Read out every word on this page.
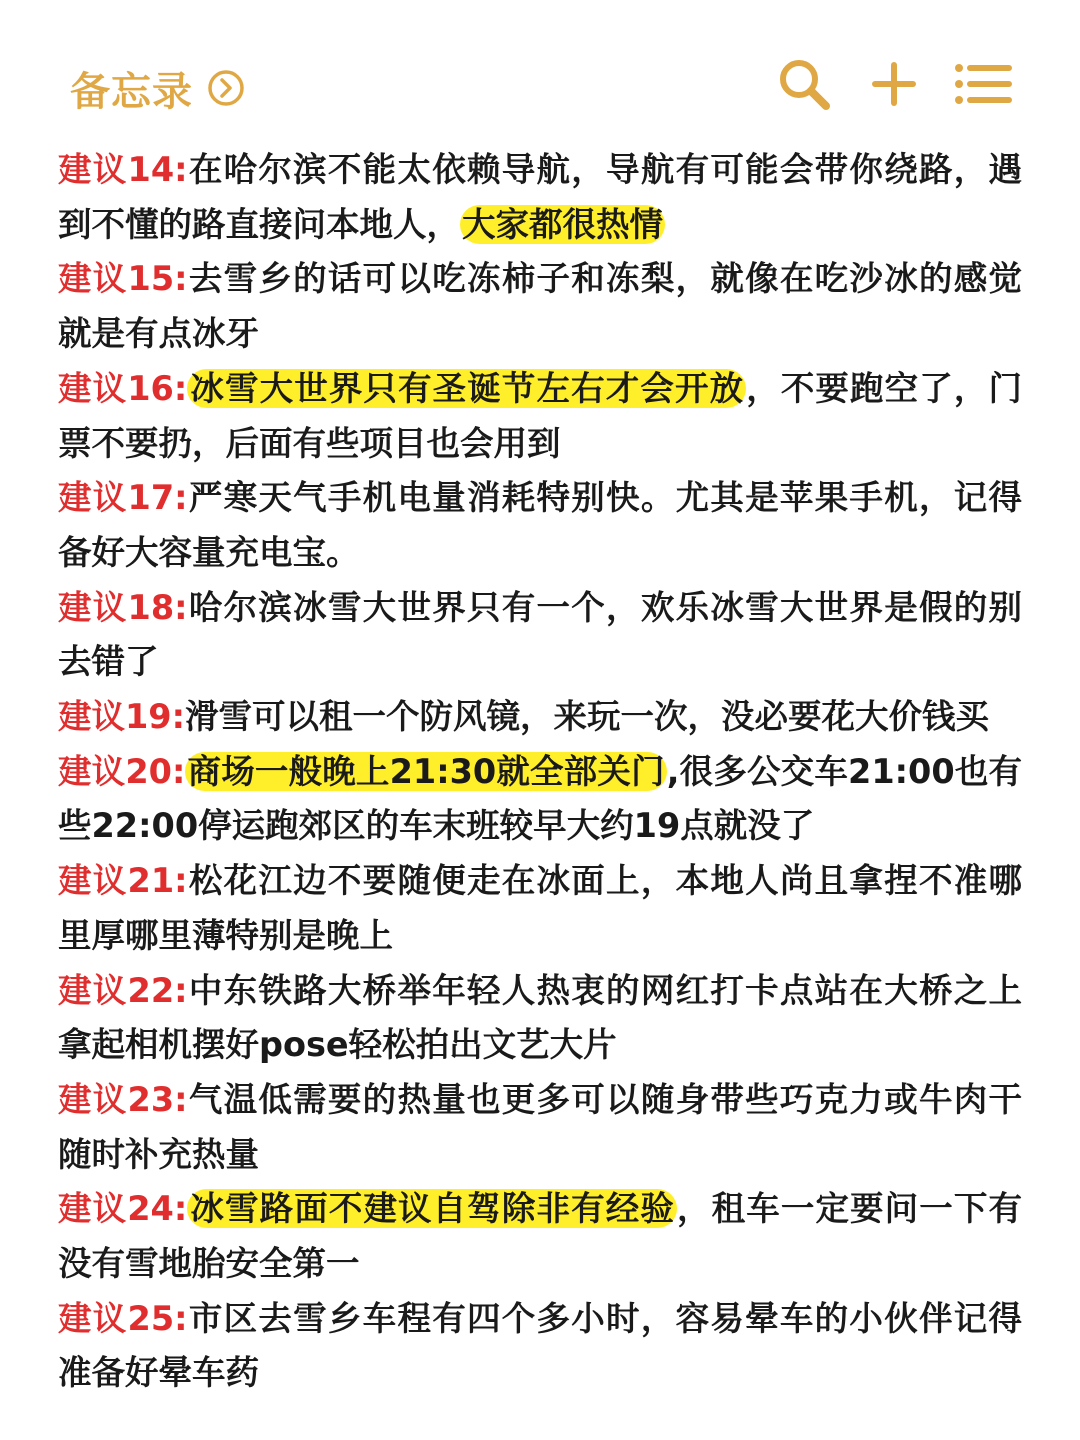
备忘录

建议14:在哈尔滨不能太依赖导航，导航有可能会带你绕路，遇到不懂的路直接问本地人，大家都很热情

建议15:去雪乡的话可以吃冻柿子和冻梨，就像在吃沙冰的感觉就是有点冰牙

建议16:冰雪大世界只有圣诞节左右才会开放，不要跑空了，门票不要扔，后面有些项目也会用到

建议17:严寒天气手机电量消耗特别快。尤其是苹果手机，记得备好大容量充电宝。

建议18:哈尔滨冰雪大世界只有一个，欢乐冰雪大世界是假的别去错了

建议19:滑雪可以租一个防风镜，来玩一次，没必要花大价钱买

建议20:商场一般晚上21:30就全部关门,很多公交车21:00也有些22:00停运跑郊区的车末班较早大约19点就没了

建议21:松花江边不要随便走在冰面上，本地人尚且拿捏不准哪里厚哪里薄特别是晚上

建议22:中东铁路大桥举年轻人热衷的网红打卡点站在大桥之上拿起相机摆好pose轻松拍出文艺大片

建议23:气温低需要的热量也更多可以随身带些巧克力或牛肉干随时补充热量

建议24:冰雪路面不建议自驾除非有经验，租车一定要问一下有没有雪地胎安全第一

建议25:市区去雪乡车程有四个多小时，容易晕车的小伙伴记得准备好晕车药
